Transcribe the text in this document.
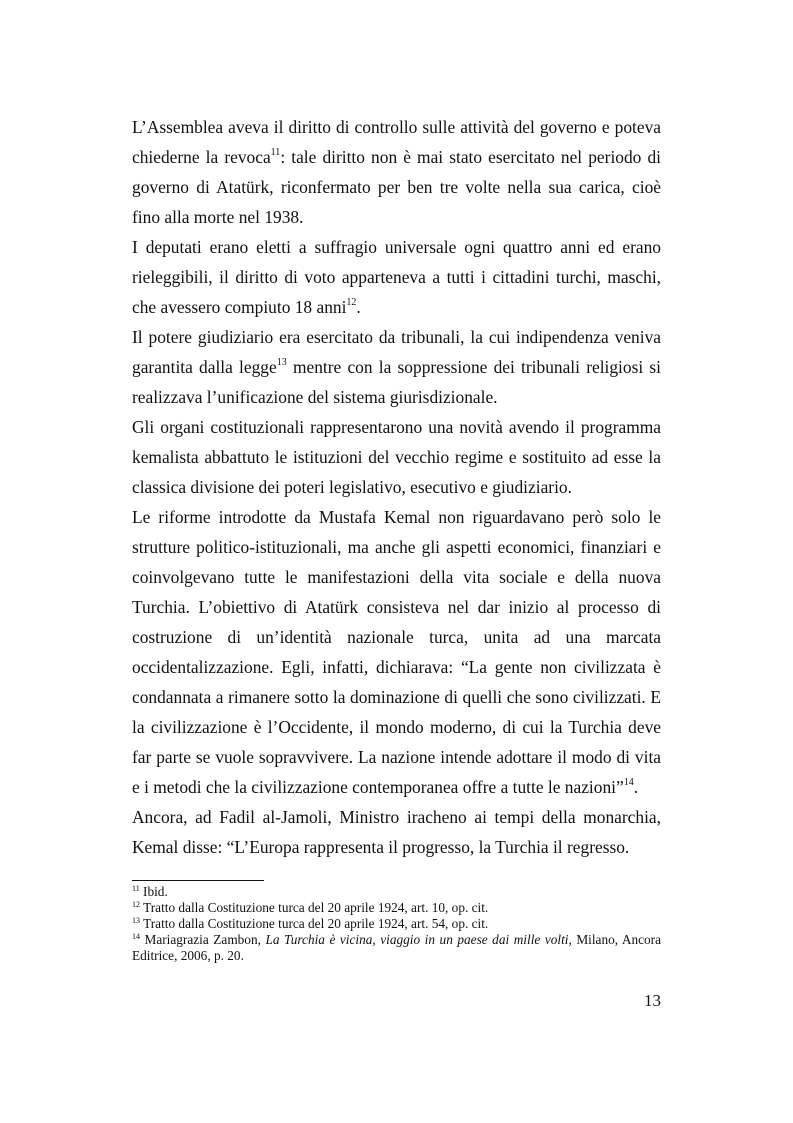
L’Assemblea aveva il diritto di controllo sulle attività del governo e poteva chiederne la revoca$^{11}$: tale diritto non è mai stato esercitato nel periodo di governo di Atatürk, riconfermato per ben tre volte nella sua carica, cioè fino alla morte nel 1938.

I deputati erano eletti a suffragio universale ogni quattro anni ed erano rieleggibili, il diritto di voto apparteneva a tutti i cittadini turchi, maschi, che avessero compiuto 18 anni$^{12}$.

Il potere giudiziario era esercitato da tribunali, la cui indipendenza veniva garantita dalla legge$^{13}$ mentre con la soppressione dei tribunali religiosi si realizzava l’unificazione del sistema giurisdizionale.

Gli organi costituzionali rappresentarono una novità avendo il programma kemalista abbattuto le istituzioni del vecchio regime e sostituito ad esse la classica divisione dei poteri legislativo, esecutivo e giudiziario.

Le riforme introdotte da Mustafa Kemal non riguardavano però solo le strutture politico-istituzionali, ma anche gli aspetti economici, finanziari e coinvolgevano tutte le manifestazioni della vita sociale e della nuova Turchia. L’obiettivo di Atatürk consisteva nel dar inizio al processo di costruzione di un’identità nazionale turca, unita ad una marcata occidentalizzazione. Egli, infatti, dichiarava: “La gente non civilizzata è condannata a rimanere sotto la dominazione di quelli che sono civilizzati. E la civilizzazione è l’Occidente, il mondo moderno, di cui la Turchia deve far parte se vuole sopravvivere. La nazione intende adottare il modo di vita e i metodi che la civilizzazione contemporanea offre a tutte le nazioni”$^{14}$.

Ancora, ad Fadil al-Jamoli, Ministro iracheno ai tempi della monarchia, Kemal disse: “L’Europa rappresenta il progresso, la Turchia il regresso.

$^{11}$ Ibid.
$^{12}$ Tratto dalla Costituzione turca del 20 aprile 1924, art. 10, op. cit.
$^{13}$ Tratto dalla Costituzione turca del 20 aprile 1924, art. 54, op. cit.
$^{14}$ Mariagrazia Zambon, La Turchia è vicina, viaggio in un paese dai mille volti, Milano, Ancora Editrice, 2006, p. 20.
13
